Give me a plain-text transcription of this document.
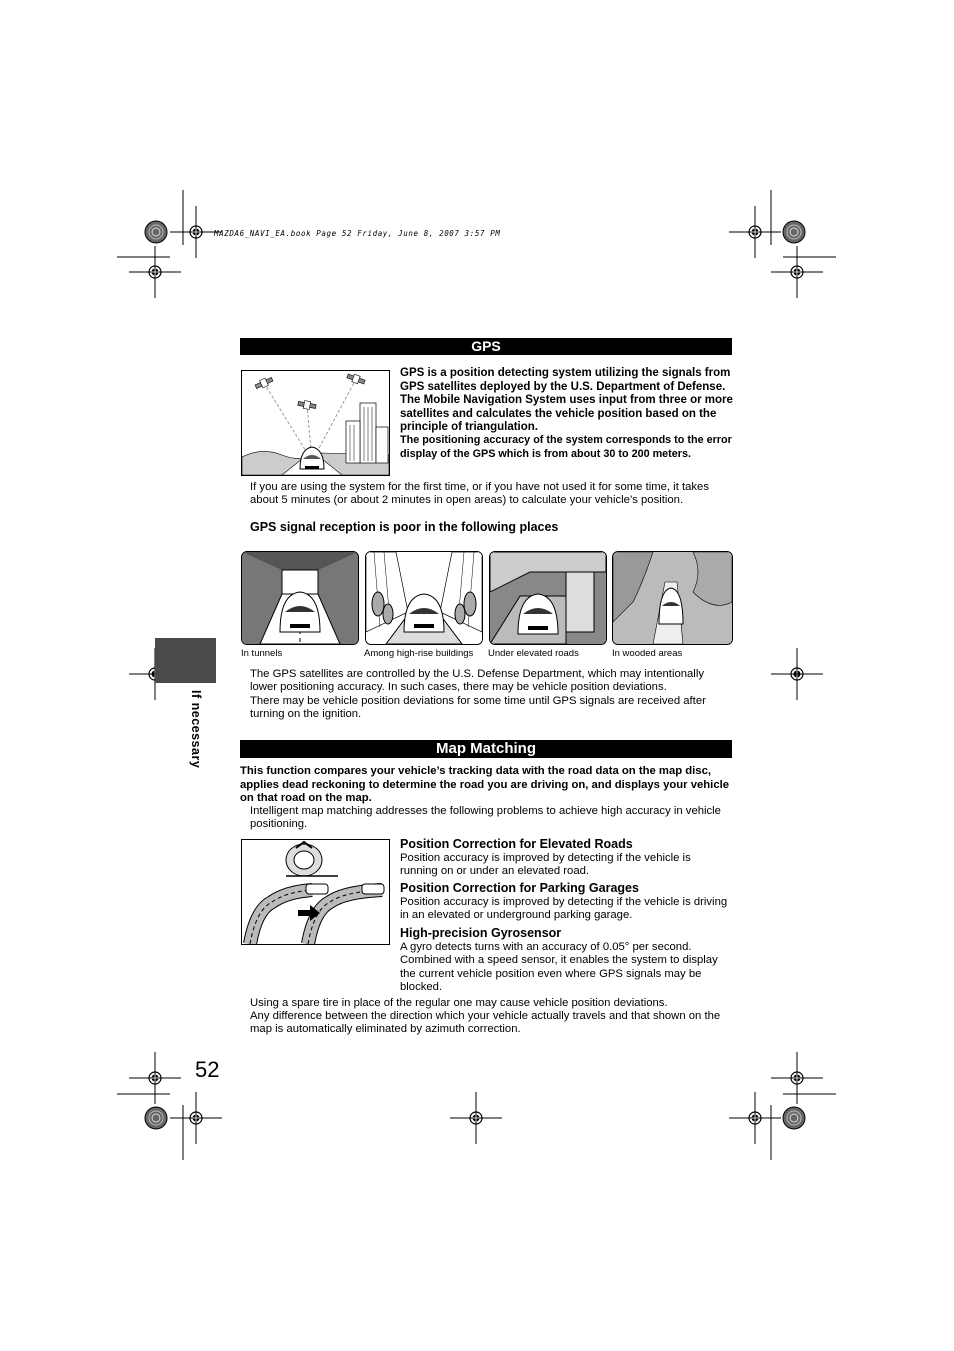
MAZDA6_NAVI_EA.book Page 52 Friday, June 8, 2007 3:57 PM
If necessary
GPS
GPS is a position detecting system utilizing the signals from GPS satellites deployed by the U.S. Department of Defense. The Mobile Navigation System uses input from three or more satellites and calculates the vehicle position based on the principle of triangulation.
The positioning accuracy of the system corresponds to the error display of the GPS which is from about 30 to 200 meters.
If you are using the system for the first time, or if you have not used it for some time, it takes about 5 minutes (or about 2 minutes in open areas) to calculate your vehicle’s position.
GPS signal reception is poor in the following places
In tunnels	Among high-rise buildings Under elevated roads	In wooded areas
The GPS satellites are controlled by the U.S. Defense Department, which may intentionally lower positioning accuracy. In such cases, there may be vehicle position deviations.
There may be vehicle position deviations for some time until GPS signals are received after turning on the ignition.
Map Matching
This function compares your vehicle’s tracking data with the road data on the map disc, applies dead reckoning to determine the road you are driving on, and displays your vehicle on that road on the map.
Intelligent map matching addresses the following problems to achieve high accuracy in vehicle positioning.
Position Correction for Elevated Roads
Position accuracy is improved by detecting if the vehicle is running on or under an elevated road.
Position Correction for Parking Garages
Position accuracy is improved by detecting if the vehicle is driving in an elevated or underground parking garage.
High-precision Gyrosensor
A gyro detects turns with an accuracy of 0.05° per second. Combined with a speed sensor, it enables the system to display the current vehicle position even where GPS signals may be blocked.
Using a spare tire in place of the regular one may cause vehicle position deviations.
Any difference between the direction which your vehicle actually travels and that shown on the map is automatically eliminated by azimuth correction.
52
